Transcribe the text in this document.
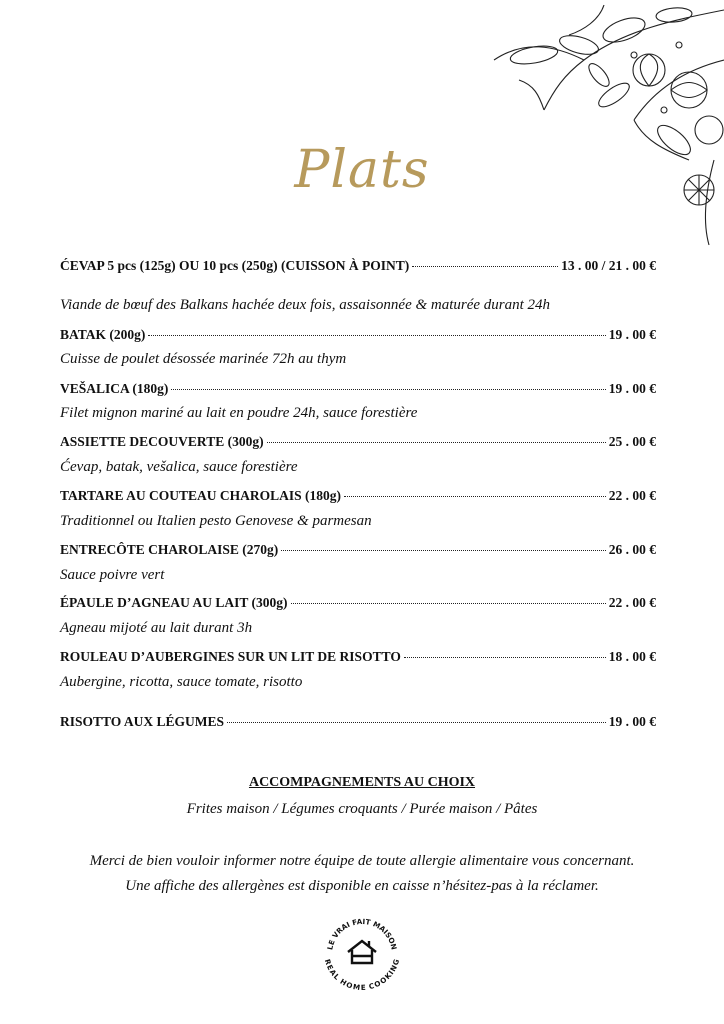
Plats
ĆEVAP 5 pcs (125g) OU 10 pcs (250g) (CUISSON À POINT)	13 . 00 / 21 . 00 €
Viande de bœuf des Balkans hachée deux fois, assaisonnée & maturée durant 24h
BATAK (200g)	19 . 00 €
Cuisse de poulet désossée marinée 72h au thym
VEŠALICA (180g)	19 . 00 €
Filet mignon mariné au lait en poudre 24h, sauce forestière
ASSIETTE DECOUVERTE (300g)	25 . 00 €
Ćevap, batak, vešalica, sauce forestière
TARTARE AU COUTEAU CHAROLAIS (180g)	22 . 00 €
Traditionnel ou Italien pesto Genovese & parmesan
ENTRECÔTE CHAROLAISE (270g)	26 . 00 €
Sauce poivre vert
ÉPAULE D’AGNEAU AU LAIT (300g)	22 . 00 €
Agneau mijoté au lait durant 3h
ROULEAU D’AUBERGINES SUR UN LIT DE RISOTTO	18 . 00 €
Aubergine, ricotta, sauce tomate, risotto
RISOTTO AUX LÉGUMES	19 . 00 €
ACCOMPAGNEMENTS AU CHOIX
Frites maison / Légumes croquants / Purée maison / Pâtes
Merci de bien vouloir informer notre équipe de toute allergie alimentaire vous concernant.
Une affiche des allergènes est disponible en caisse n’hésitez-pas à la réclamer.
LE VRAI FAIT MAISON
REAL HOME COOKING
